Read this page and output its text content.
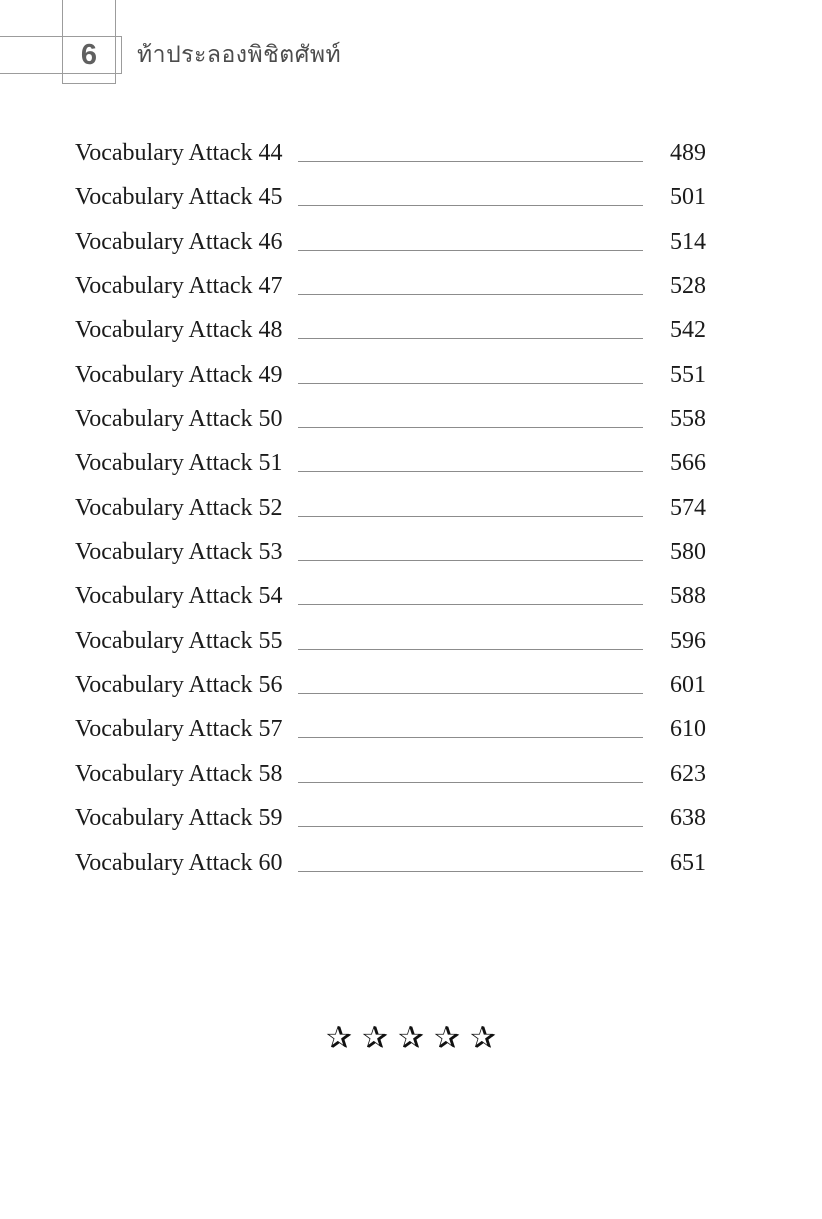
6	ท้าประลองพิชิตศัพท์
Vocabulary Attack 44	489
Vocabulary Attack 45	501
Vocabulary Attack 46	514
Vocabulary Attack 47	528
Vocabulary Attack 48	542
Vocabulary Attack 49	551
Vocabulary Attack 50	558
Vocabulary Attack 51	566
Vocabulary Attack 52	574
Vocabulary Attack 53	580
Vocabulary Attack 54	588
Vocabulary Attack 55	596
Vocabulary Attack 56	601
Vocabulary Attack 57	610
Vocabulary Attack 58	623
Vocabulary Attack 59	638
Vocabulary Attack 60	651
✰ ✰ ✰ ✰ ✰
